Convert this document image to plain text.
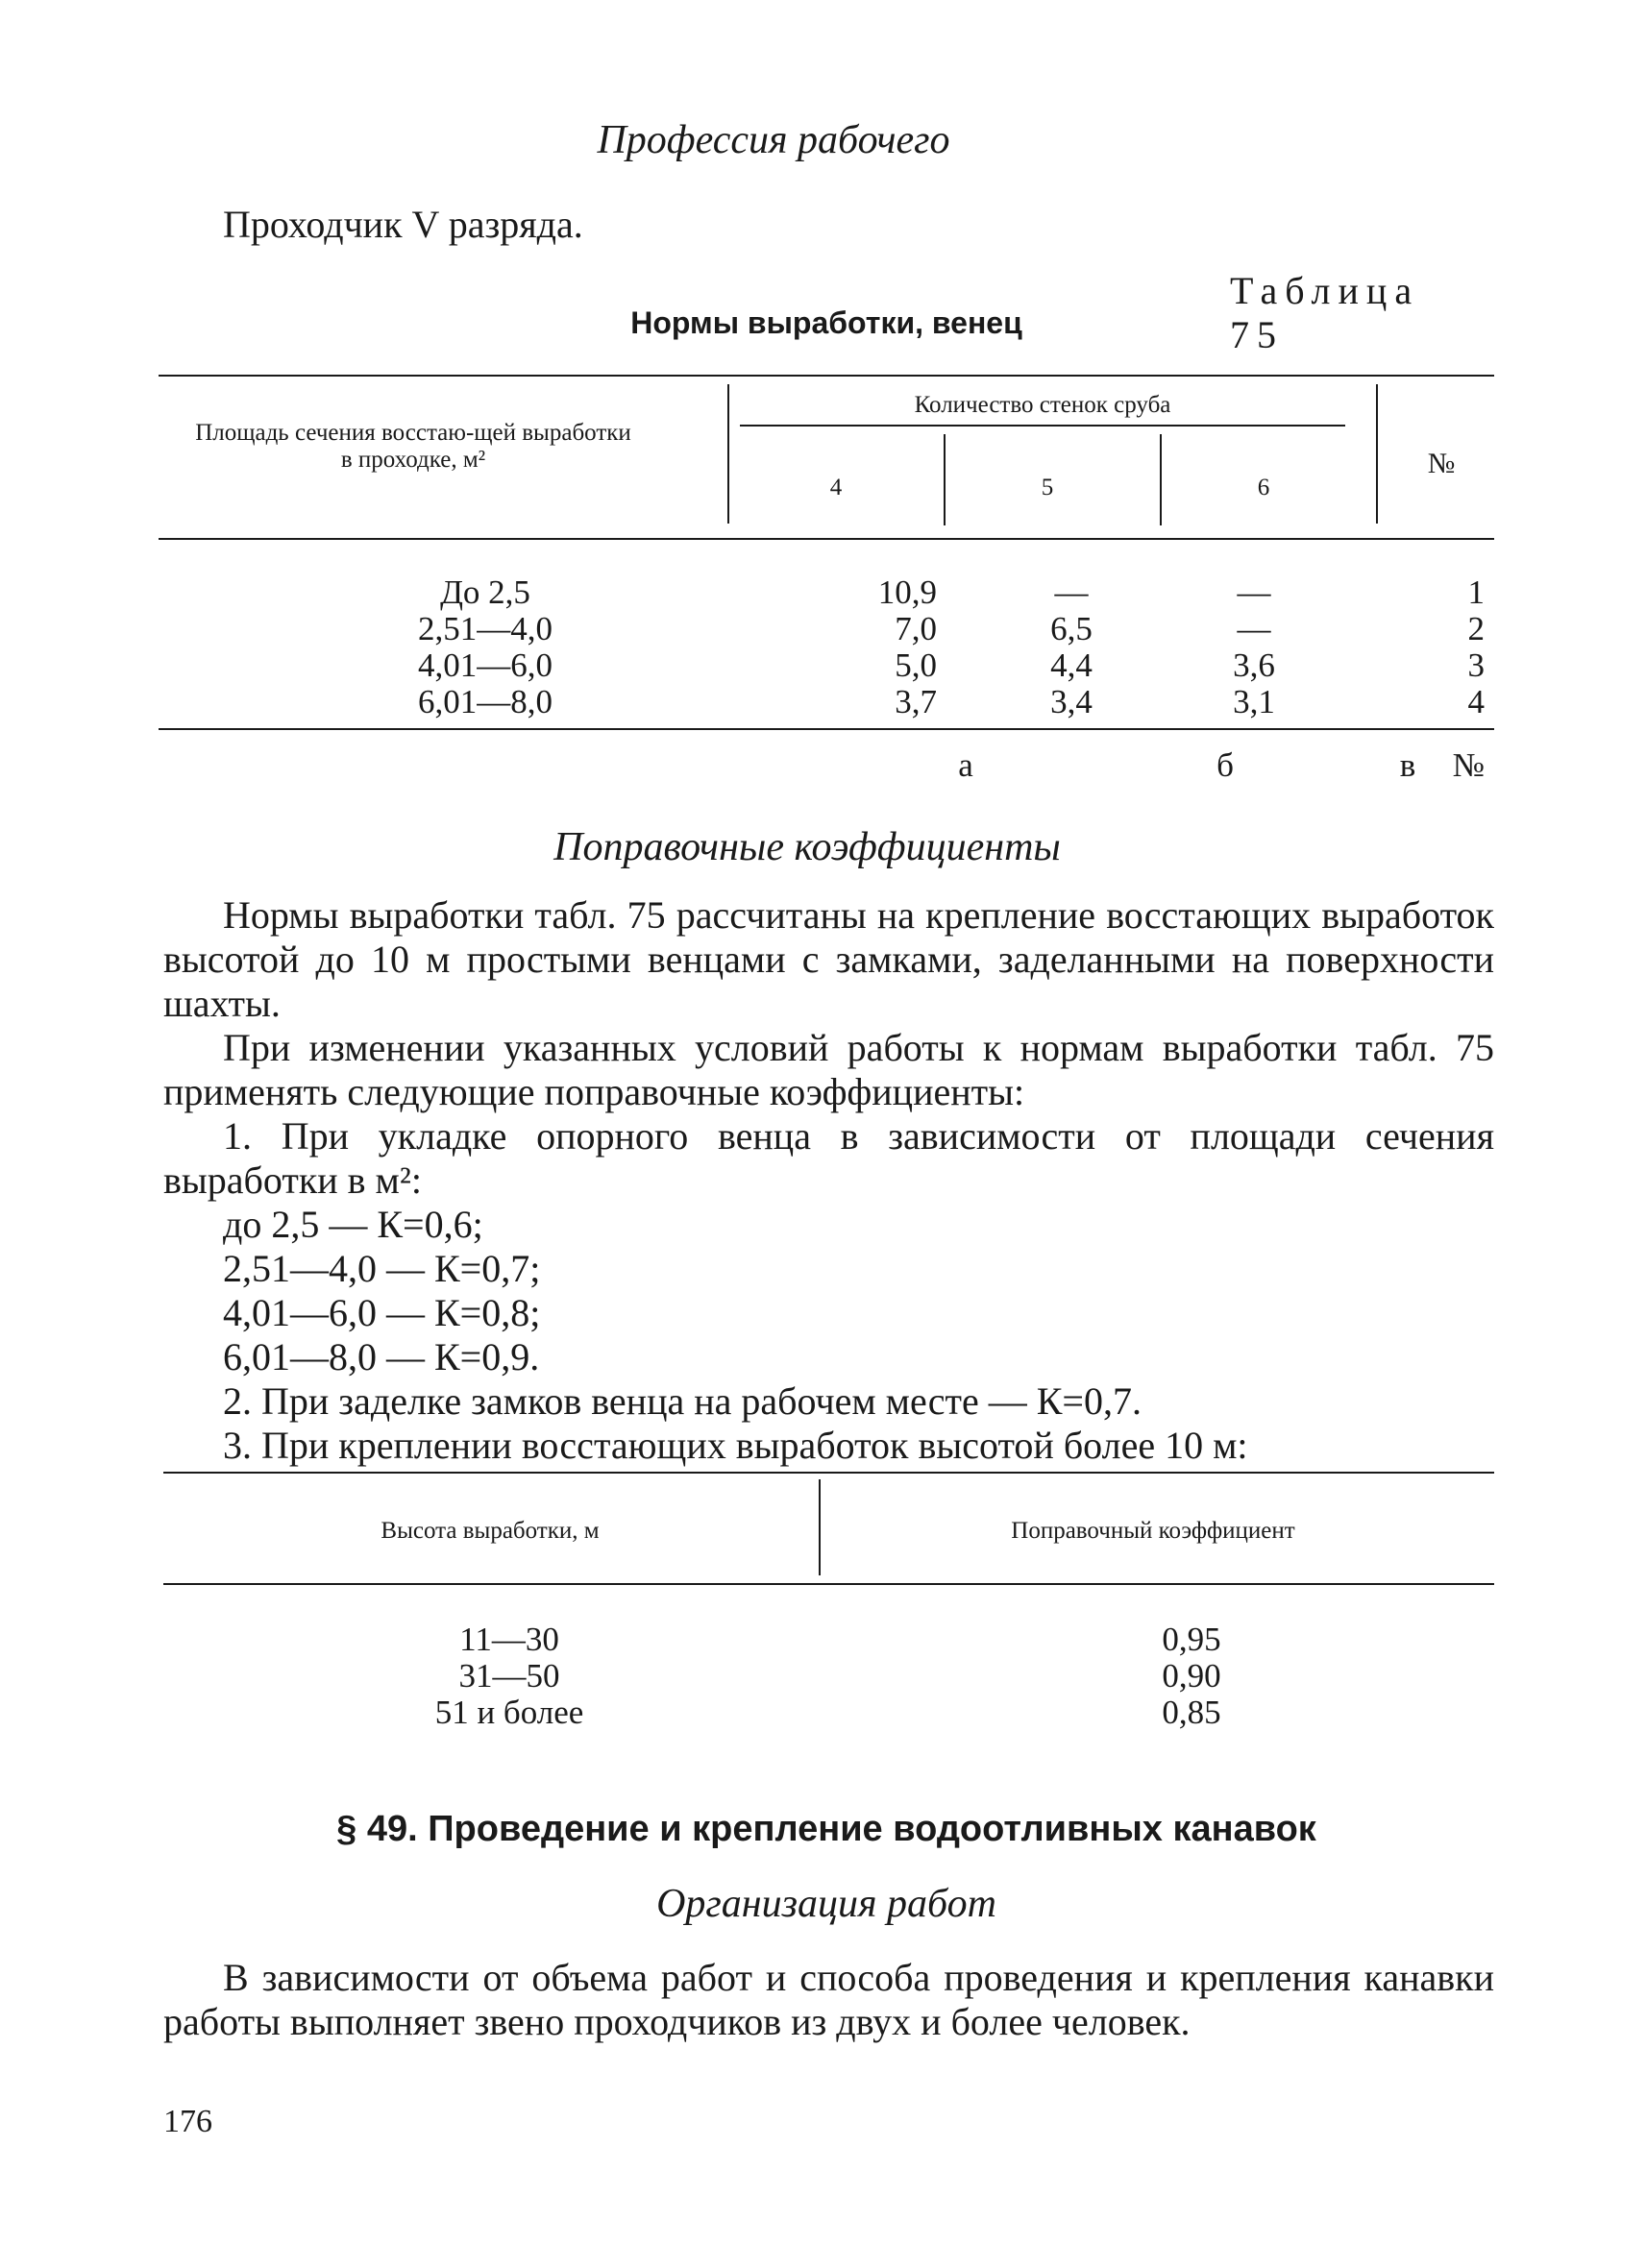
Профессия рабочего
Проходчик V разряда.
Таблица 75
Нормы выработки, венец
Площадь сечения восстаю-щей выработки в проходке, м²
Количество стенок сруба
4	5	6
№
До 2,5	10,9	—	—	1
2,51—4,0	7,0	6,5	—	2
4,01—6,0	5,0	4,4	3,6	3
6,01—8,0	3,7	3,4	3,1	4
а	б	в	№
Поправочные коэффициенты
Нормы выработки табл. 75 рассчитаны на крепление восстающих выработок высотой до 10 м простыми венцами с замками, заделанными на поверхности шахты.
При изменении указанных условий работы к нормам выработки табл. 75 применять следующие поправочные коэффициенты:
1. При укладке опорного венца в зависимости от площади сечения выработки в м²:
до 2,5 — К=0,6;
2,51—4,0 — К=0,7;
4,01—6,0 — К=0,8;
6,01—8,0 — К=0,9.
2. При заделке замков венца на рабочем месте — К=0,7.
3. При креплении восстающих выработок высотой более 10 м:
Высота выработки, м	Поправочный коэффициент
11—30	0,95
31—50	0,90
51 и более	0,85
§ 49. Проведение и крепление водоотливных канавок
Организация работ
В зависимости от объема работ и способа проведения и крепления канавки работы выполняет звено проходчиков из двух и более человек.
176
